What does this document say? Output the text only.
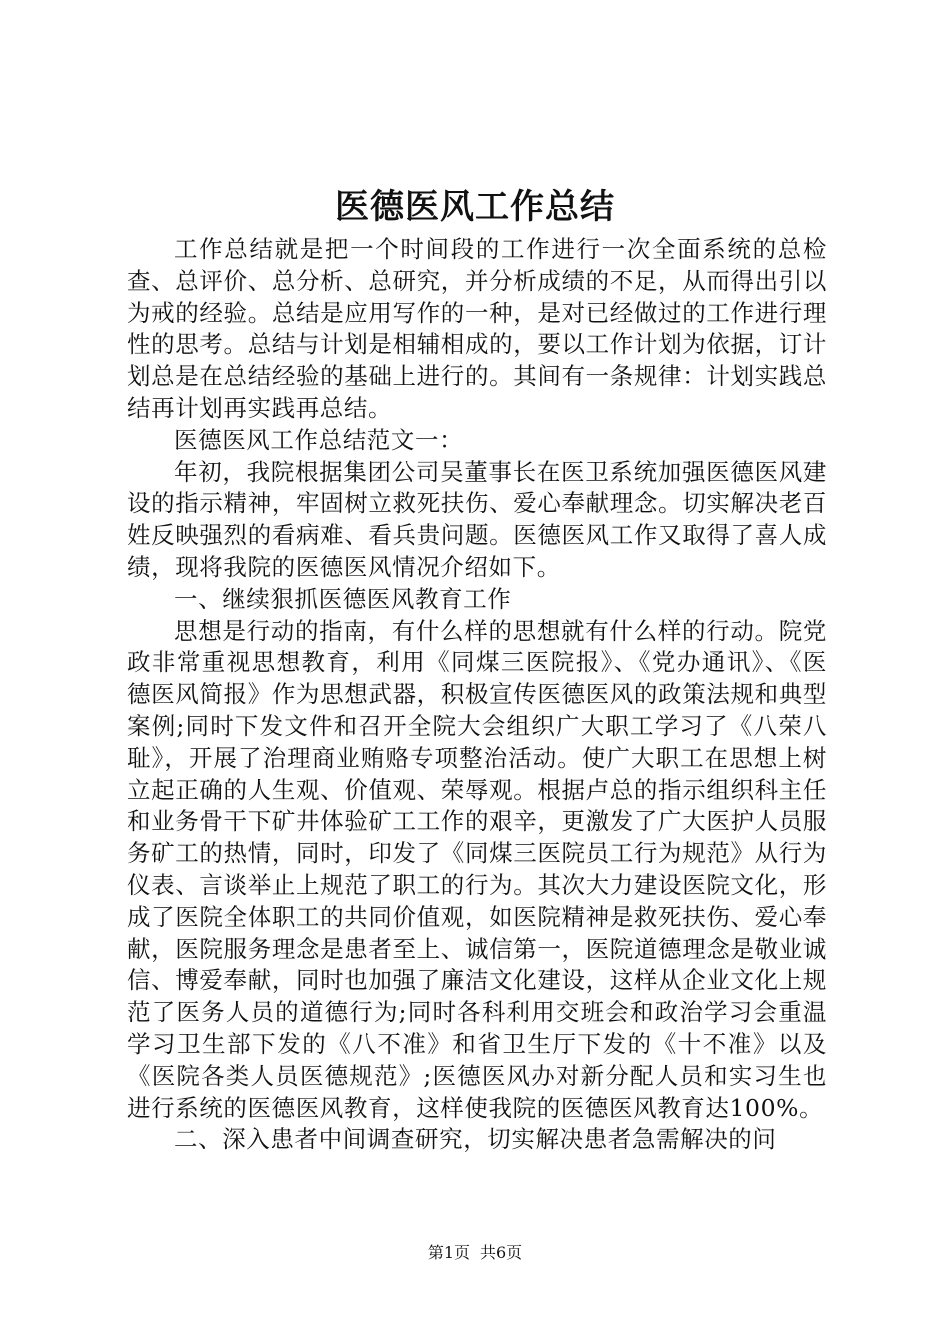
医德医风工作总结

工作总结就是把一个时间段的工作进行一次全面系统的总检查、总评价、总分析、总研究，并分析成绩的不足，从而得出引以为戒的经验。总结是应用写作的一种，是对已经做过的工作进行理性的思考。总结与计划是相辅相成的，要以工作计划为依据，订计划总是在总结经验的基础上进行的。其间有一条规律：计划实践总结再计划再实践再总结。

医德医风工作总结范文一：

年初，我院根据集团公司吴董事长在医卫系统加强医德医风建设的指示精神，牢固树立救死扶伤、爱心奉献理念。切实解决老百姓反映强烈的看病难、看兵贵问题。医德医风工作又取得了喜人成绩，现将我院的医德医风情况介绍如下。

一、继续狠抓医德医风教育工作

思想是行动的指南，有什么样的思想就有什么样的行动。院党政非常重视思想教育，利用《同煤三医院报》、《党办通讯》、《医德医风简报》作为思想武器，积极宣传医德医风的政策法规和典型案例;同时下发文件和召开全院大会组织广大职工学习了《八荣八耻》，开展了治理商业贿赂专项整治活动。使广大职工在思想上树立起正确的人生观、价值观、荣辱观。根据卢总的指示组织科主任和业务骨干下矿井体验矿工工作的艰辛，更激发了广大医护人员服务矿工的热情，同时，印发了《同煤三医院员工行为规范》从行为仪表、言谈举止上规范了职工的行为。其次大力建设医院文化，形成了医院全体职工的共同价值观，如医院精神是救死扶伤、爱心奉献，医院服务理念是患者至上、诚信第一，医院道德理念是敬业诚信、博爱奉献，同时也加强了廉洁文化建设，这样从企业文化上规范了医务人员的道德行为;同时各科利用交班会和政治学习会重温学习卫生部下发的《八不准》和省卫生厅下发的《十不准》以及《医院各类人员医德规范》;医德医风办对新分配人员和实习生也进行系统的医德医风教育，这样使我院的医德医风教育达100%。

二、深入患者中间调查研究，切实解决患者急需解决的问

第1页 共6页
